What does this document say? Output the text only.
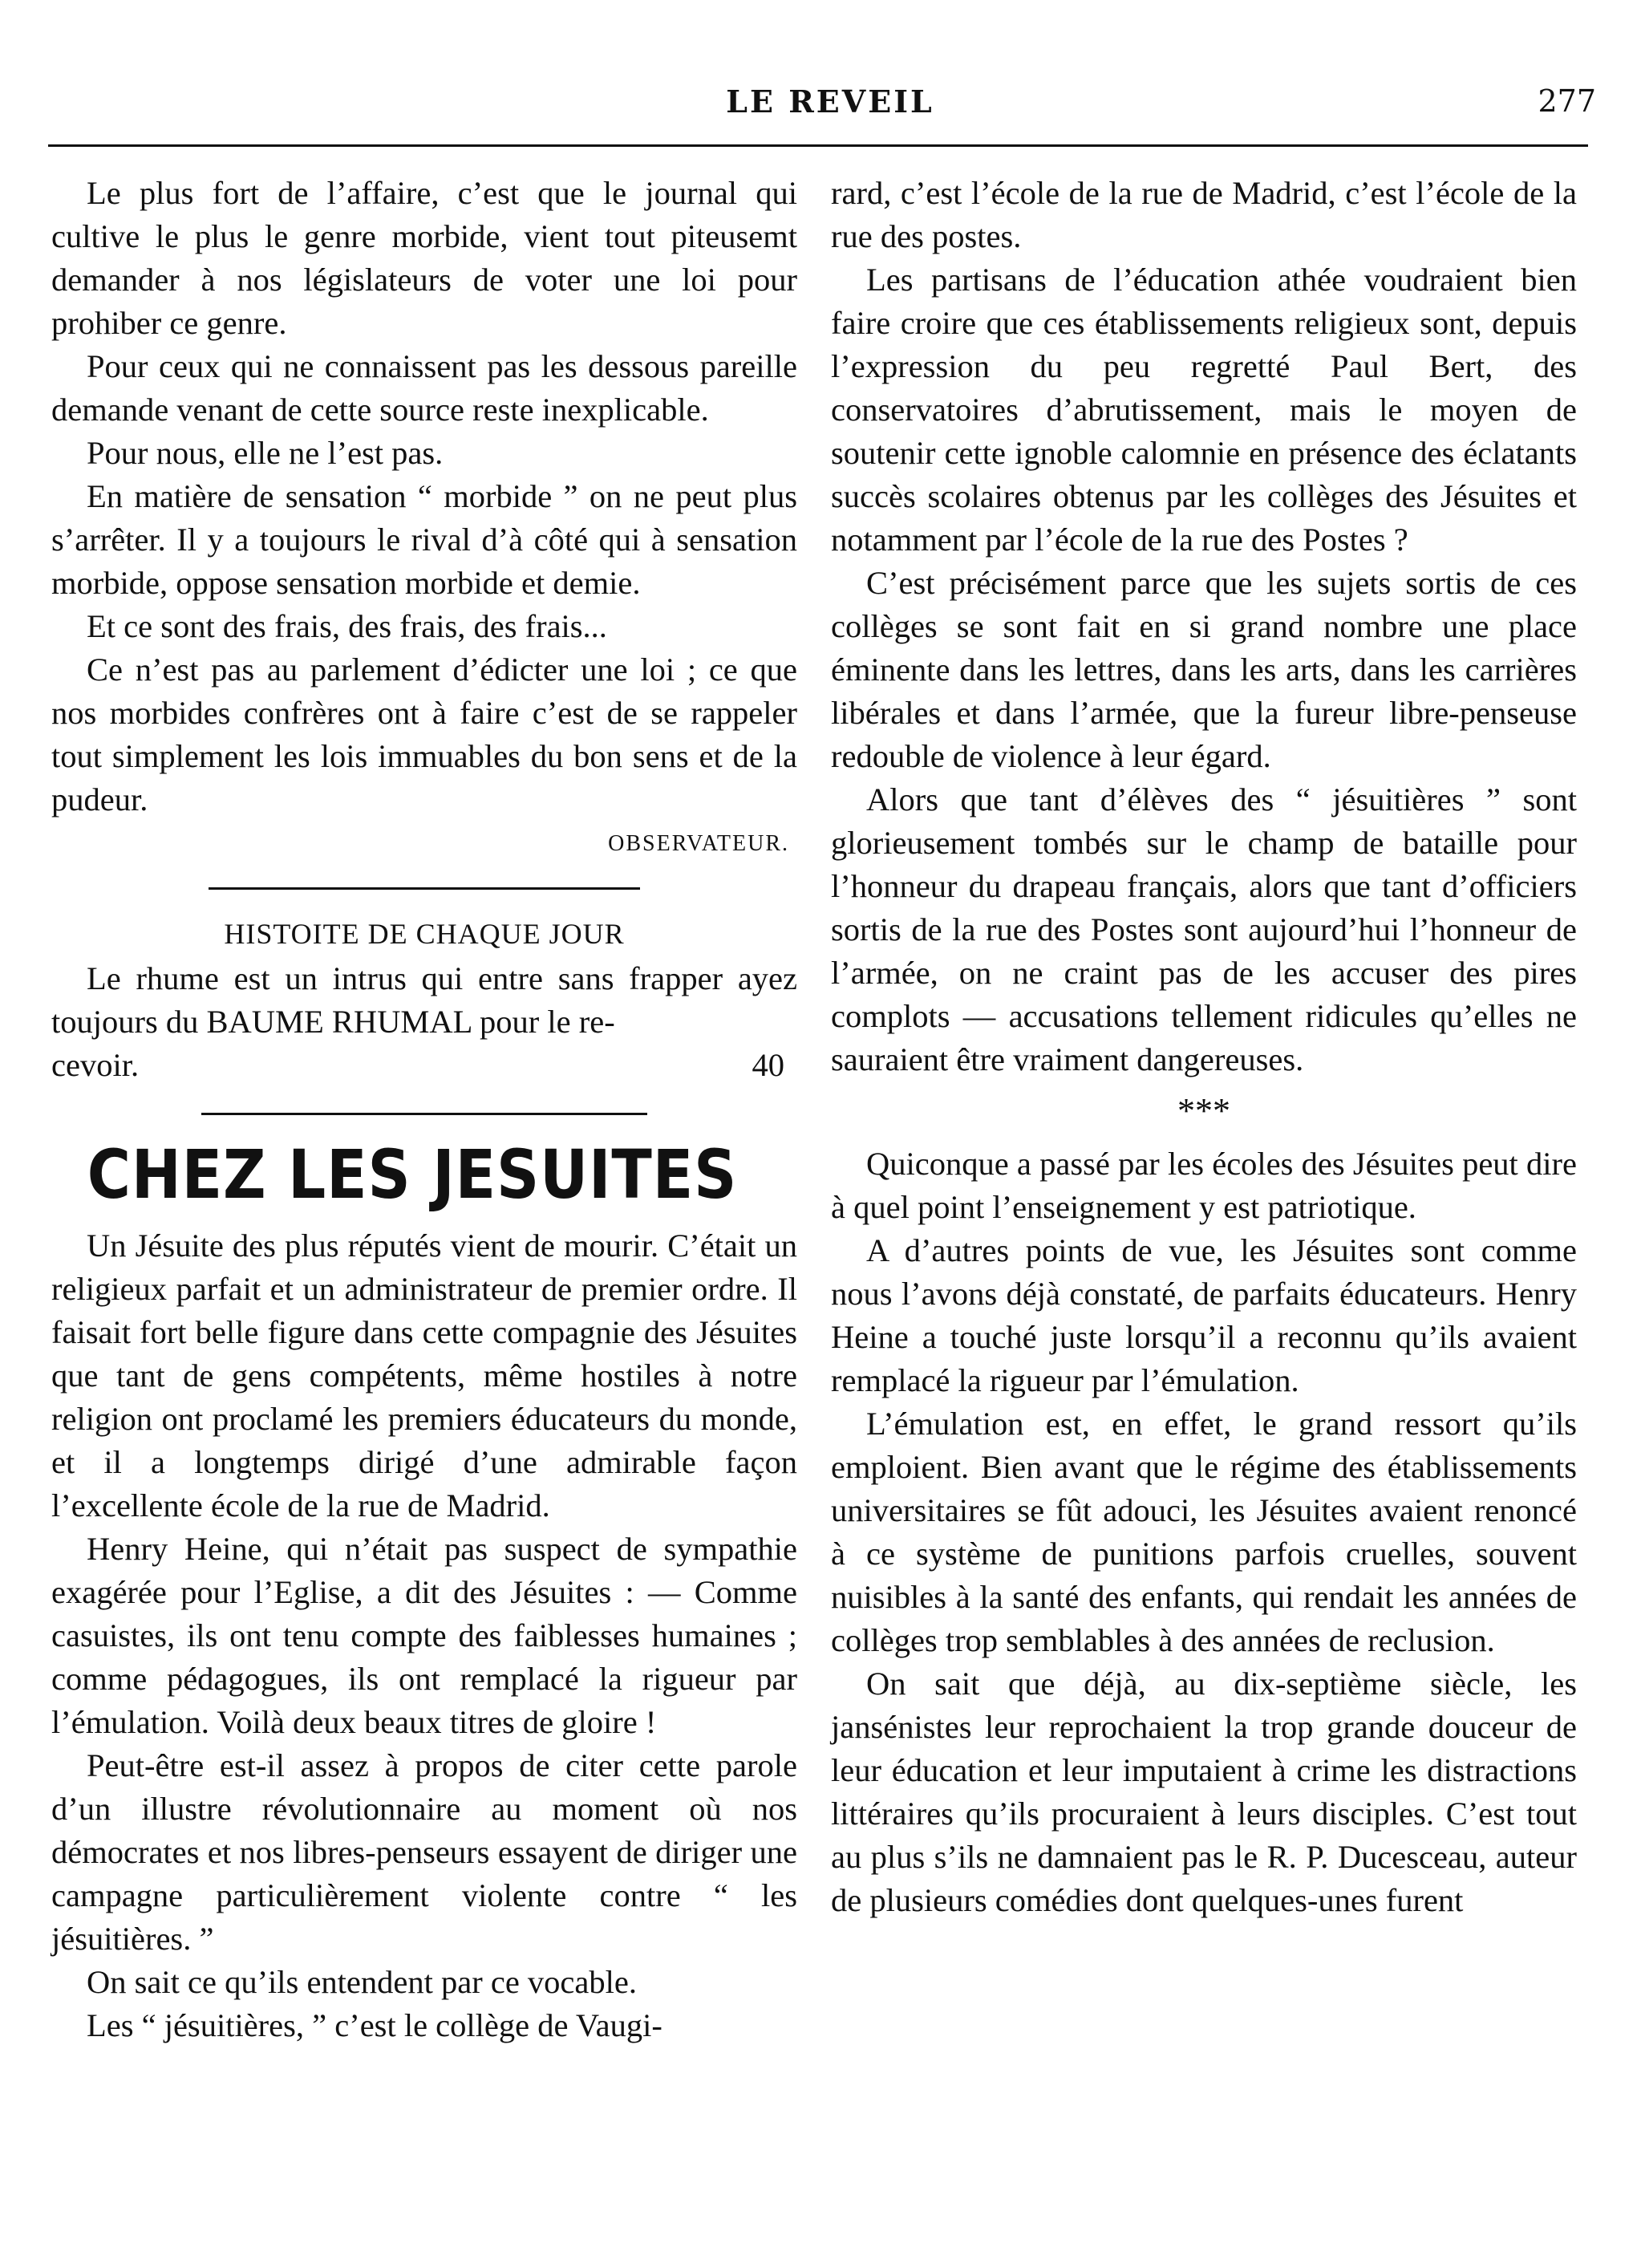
LE REVEIL	277

Le plus fort de l’affaire, c’est que le journal qui cultive le plus le genre morbide, vient tout piteusemt demander à nos législateurs de voter une loi pour prohiber ce genre.

Pour ceux qui ne connaissent pas les dessous pareille demande venant de cette source reste inexplicable.

Pour nous, elle ne l’est pas.

En matière de sensation “ morbide ” on ne peut plus s’arrêter. Il y a toujours le rival d’à côté qui à sensation morbide, oppose sensation morbide et demie.

Et ce sont des frais, des frais, des frais...

Ce n’est pas au parlement d’édicter une loi ; ce que nos morbides confrères ont à faire c’est de se rappeler tout simplement les lois immuables du bon sens et de la pudeur.

OBSERVATEUR.
HISTOITE DE CHAQUE JOUR

Le rhume est un intrus qui entre sans frapper ayez toujours du BAUME RHUMAL pour le re-

cevoir.	40
CHEZ LES JESUITES

Un Jésuite des plus réputés vient de mourir. C’était un religieux parfait et un administrateur de premier ordre. Il faisait fort belle figure dans cette compagnie des Jésuites que tant de gens compétents, même hostiles à notre religion ont proclamé les premiers éducateurs du monde, et il a longtemps dirigé d’une admirable façon l’excellente école de la rue de Madrid.

Henry Heine, qui n’était pas suspect de sympathie exagérée pour l’Eglise, a dit des Jésuites : — Comme casuistes, ils ont tenu compte des faiblesses humaines ; comme pédagogues, ils ont remplacé la rigueur par l’émulation. Voilà deux beaux titres de gloire !

Peut-être est-il assez à propos de citer cette parole d’un illustre révolutionnaire au moment où nos démocrates et nos libres-penseurs essayent de diriger une campagne particulièrement violente contre “ les jésuitières. ”

On sait ce qu’ils entendent par ce vocable.

Les “ jésuitières, ” c’est le collège de Vaugi-

rard, c’est l’école de la rue de Madrid, c’est l’école de la rue des postes.

Les partisans de l’éducation athée voudraient bien faire croire que ces établissements religieux sont, depuis l’expression du peu regretté Paul Bert, des conservatoires d’abrutissement, mais le moyen de soutenir cette ignoble calomnie en présence des éclatants succès scolaires obtenus par les collèges des Jésuites et notamment par l’école de la rue des Postes ?

C’est précisément parce que les sujets sortis de ces collèges se sont fait en si grand nombre une place éminente dans les lettres, dans les arts, dans les carrières libérales et dans l’armée, que la fureur libre-penseuse redouble de violence à leur égard.

Alors que tant d’élèves des “ jésuitières ” sont glorieusement tombés sur le champ de bataille pour l’honneur du drapeau français, alors que tant d’officiers sortis de la rue des Postes sont aujourd’hui l’honneur de l’armée, on ne craint pas de les accuser des pires complots — accusations tellement ridicules qu’elles ne sauraient être vraiment dangereuses.

***

Quiconque a passé par les écoles des Jésuites peut dire à quel point l’enseignement y est patriotique.

A d’autres points de vue, les Jésuites sont comme nous l’avons déjà constaté, de parfaits éducateurs. Henry Heine a touché juste lorsqu’il a reconnu qu’ils avaient remplacé la rigueur par l’émulation.

L’émulation est, en effet, le grand ressort qu’ils emploient. Bien avant que le régime des établissements universitaires se fût adouci, les Jésuites avaient renoncé à ce système de punitions parfois cruelles, souvent nuisibles à la santé des enfants, qui rendait les années de collèges trop semblables à des années de reclusion.

On sait que déjà, au dix-septième siècle, les jansénistes leur reprochaient la trop grande douceur de leur éducation et leur imputaient à crime les distractions littéraires qu’ils procuraient à leurs disciples. C’est tout au plus s’ils ne damnaient pas le R. P. Ducesceau, auteur de plusieurs comédies dont quelques-unes furent
